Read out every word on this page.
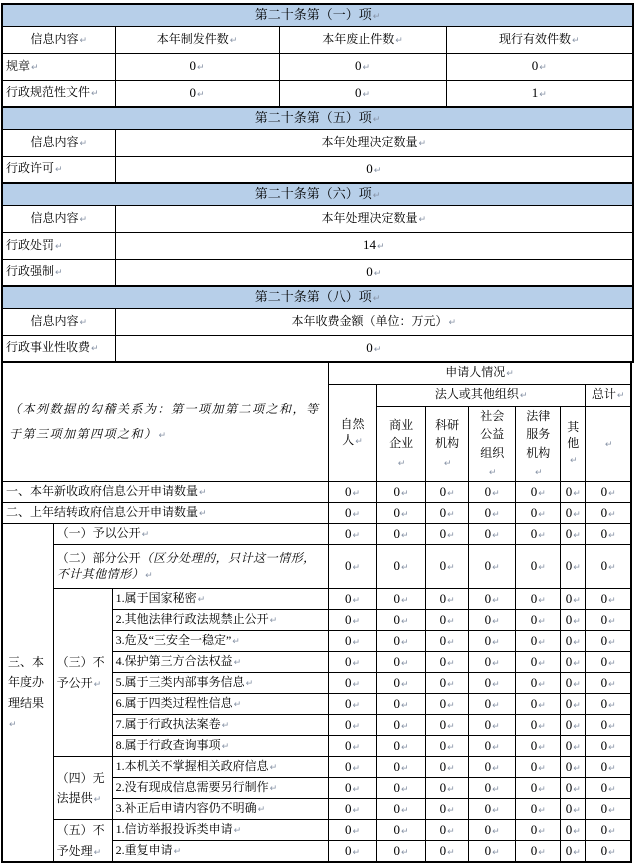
第二十条第（一）项 ↵
信息内容 ↵	本年制发件数 ↵	本年废止件数 ↵	现行有效件数 ↵
规章 ↵	0 ↵	0 ↵	0 ↵
行政规范性文件 ↵	0 ↵	0 ↵	1 ↵
第二十条第（五）项 ↵
信息内容 ↵	本年处理决定数量 ↵
行政许可 ↵	0 ↵
第二十条第（六）项 ↵
信息内容 ↵	本年处理决定数量 ↵
行政处罚 ↵	14 ↵
行政强制 ↵	0 ↵
第二十条第（八）项 ↵
信息内容 ↵	本年收费金额（单位：万元） ↵
行政事业性收费 ↵	0 ↵
（本列数据的勾稽关系为：第一项加第二项之和，等于第三项加第四项之和） ↵			申请人情况 ↵
			自然人 ↵	法人或其他组织 ↵					总计 ↵
				商业企业 ↵	科研机构 ↵	社会公益组织 ↵	法律服务机构 ↵	其他 ↵	↵
一、本年新收政府信息公开申请数量 ↵			0 ↵	0 ↵	0 ↵	0 ↵	0 ↵	0 ↵	0 ↵
二、上年结转政府信息公开申请数量 ↵			0 ↵	0 ↵	0 ↵	0 ↵	0 ↵	0 ↵	0 ↵
三、本年度办理结果 ↵	（一）予以公开 ↵		0 ↵	0 ↵	0 ↵	0 ↵	0 ↵	0 ↵	0 ↵
	（二）部分公开（区分处理的，只计这一情形，不计其他情形） ↵		0 ↵	0 ↵	0 ↵	0 ↵	0 ↵	0 ↵	0 ↵
	（三）不予公开 ↵	1.属于国家秘密 ↵	0 ↵	0 ↵	0 ↵	0 ↵	0 ↵	0 ↵	0 ↵
		2.其他法律行政法规禁止公开 ↵	0 ↵	0 ↵	0 ↵	0 ↵	0 ↵	0 ↵	0 ↵
		3.危及“三安全一稳定” ↵	0 ↵	0 ↵	0 ↵	0 ↵	0 ↵	0 ↵	0 ↵
		4.保护第三方合法权益 ↵	0 ↵	0 ↵	0 ↵	0 ↵	0 ↵	0 ↵	0 ↵
		5.属于三类内部事务信息 ↵	0 ↵	0 ↵	0 ↵	0 ↵	0 ↵	0 ↵	0 ↵
		6.属于四类过程性信息 ↵	0 ↵	0 ↵	0 ↵	0 ↵	0 ↵	0 ↵	0 ↵
		7.属于行政执法案卷 ↵	0 ↵	0 ↵	0 ↵	0 ↵	0 ↵	0 ↵	0 ↵
		8.属于行政查询事项 ↵	0 ↵	0 ↵	0 ↵	0 ↵	0 ↵	0 ↵	0 ↵
	（四）无法提供 ↵	1.本机关不掌握相关政府信息 ↵	0 ↵	0 ↵	0 ↵	0 ↵	0 ↵	0 ↵	0 ↵
		2.没有现成信息需要另行制作 ↵	0 ↵	0 ↵	0 ↵	0 ↵	0 ↵	0 ↵	0 ↵
		3.补正后申请内容仍不明确 ↵	0 ↵	0 ↵	0 ↵	0 ↵	0 ↵	0 ↵	0 ↵
	（五）不予处理 ↵	1.信访举报投诉类申请 ↵	0 ↵	0 ↵	0 ↵	0 ↵	0 ↵	0 ↵	0 ↵
		2.重复申请 ↵	0 ↵	0 ↵	0 ↵	0 ↵	0 ↵	0 ↵	0 ↵
